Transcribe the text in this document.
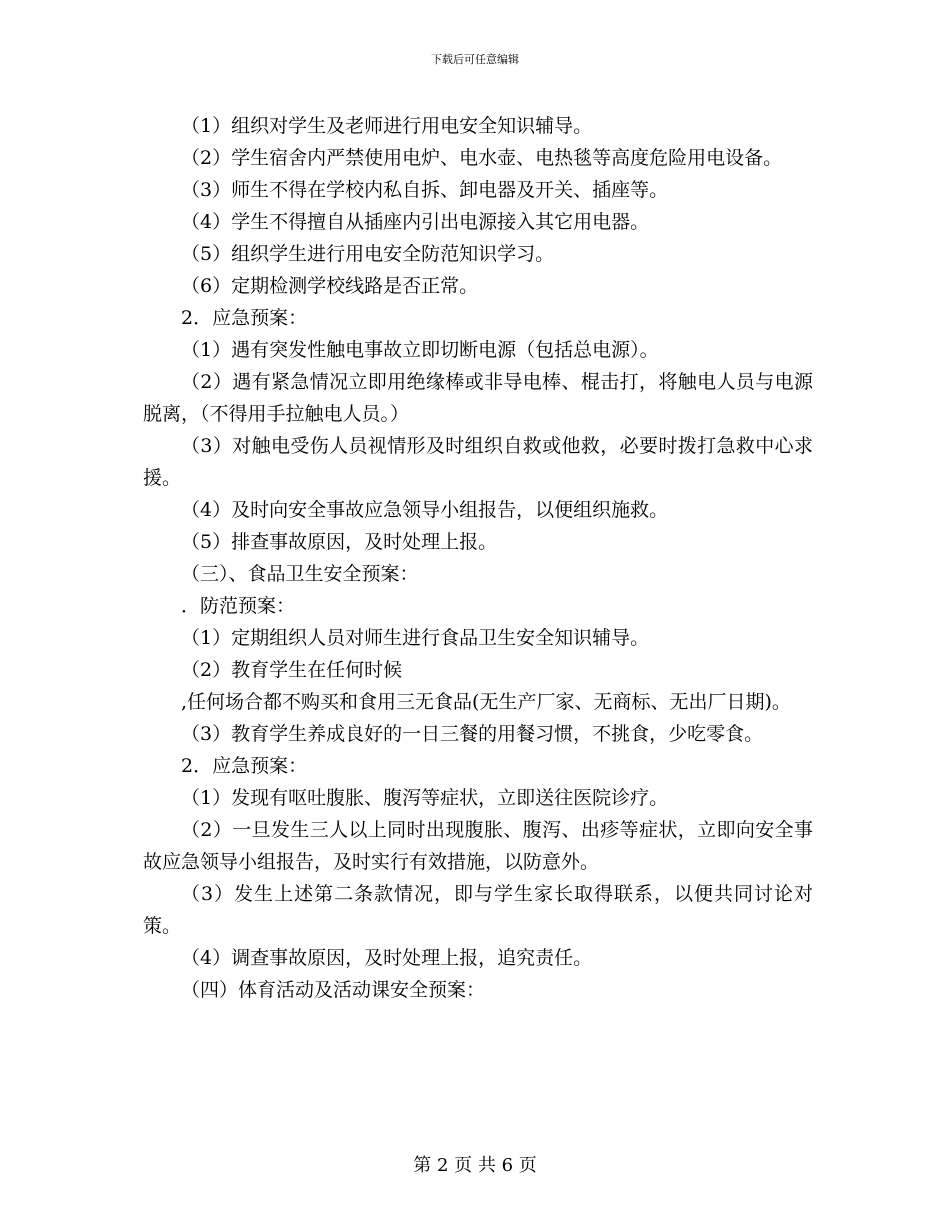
下载后可任意编辑

（1）组织对学生及老师进行用电安全知识辅导。

（2）学生宿舍内严禁使用电炉、电水壶、电热毯等高度危险用电设备。

（3）师生不得在学校内私自拆、卸电器及开关、插座等。

（4）学生不得擅自从插座内引出电源接入其它用电器。

（5）组织学生进行用电安全防范知识学习。

（6）定期检测学校线路是否正常。

2．应急预案：

（1）遇有突发性触电事故立即切断电源（包括总电源）。

（2）遇有紧急情况立即用绝缘棒或非导电棒、棍击打，将触电人员与电源脱离，（不得用手拉触电人员。）

（3）对触电受伤人员视情形及时组织自救或他救，必要时拨打急救中心求援。

（4）及时向安全事故应急领导小组报告，以便组织施救。

（5）排查事故原因，及时处理上报。

（三）、食品卫生安全预案：

．防范预案：

（1）定期组织人员对师生进行食品卫生安全知识辅导。

（2）教育学生在任何时候

,任何场合都不购买和食用三无食品(无生产厂家、无商标、无出厂日期)。

（3）教育学生养成良好的一日三餐的用餐习惯，不挑食，少吃零食。

2．应急预案：

（1）发现有呕吐腹胀、腹泻等症状，立即送往医院诊疗。

（2）一旦发生三人以上同时出现腹胀、腹泻、出疹等症状，立即向安全事故应急领导小组报告，及时实行有效措施，以防意外。

（3）发生上述第二条款情况，即与学生家长取得联系，以便共同讨论对策。

（4）调查事故原因，及时处理上报，追究责任。

（四）体育活动及活动课安全预案：

第 2 页 共 6 页
